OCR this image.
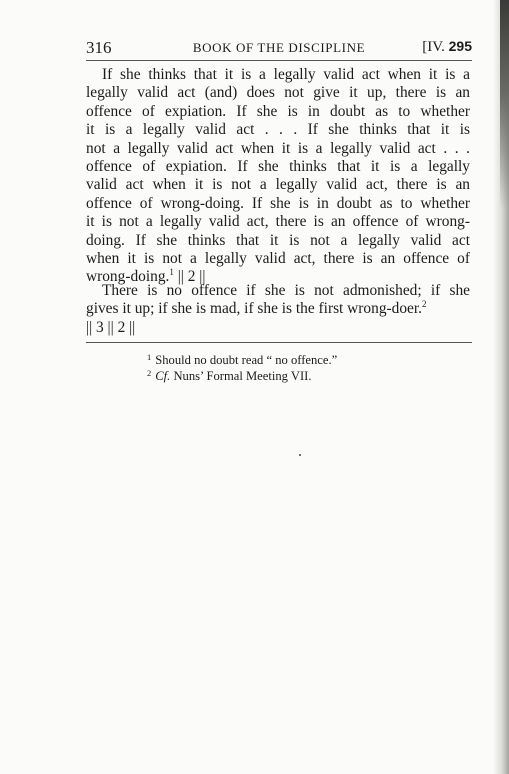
316	BOOK OF THE DISCIPLINE	[IV. 295
If she thinks that it is a legally valid act when it is a
legally valid act (and) does not give it up, there is an
offence of expiation. If she is in doubt as to whether
it is a legally valid act . . . If she thinks that it is
not a legally valid act when it is a legally valid act . . .
offence of expiation. If she thinks that it is a legally
valid act when it is not a legally valid act, there is an
offence of wrong-doing. If she is in doubt as to whether
it is not a legally valid act, there is an offence of wrong-
doing. If she thinks that it is not a legally valid act
when it is not a legally valid act, there is an offence of
wrong-doing.$^1$ || 2 ||
There is no offence if she is not admonished; if she
gives it up; if she is mad, if she is the first wrong-doer.$^2$
|| 3 || 2 ||
$^1$ Should no doubt read “ no offence.”
$^2$ Cf. Nuns’ Formal Meeting VII.
